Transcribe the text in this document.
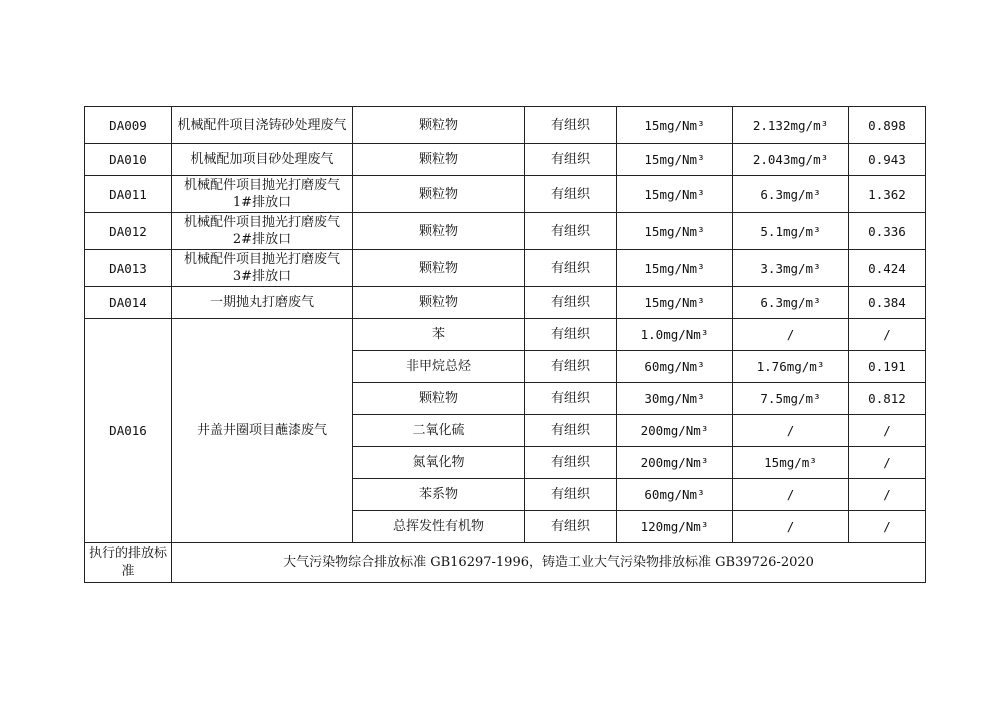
DA009	机械配件项目浇铸砂处理废气	颗粒物	有组织	15mg/Nm³	2.132mg/m³	0.898
DA010	机械配加项目砂处理废气	颗粒物	有组织	15mg/Nm³	2.043mg/m³	0.943
DA011	机械配件项目抛光打磨废气 1#排放口	颗粒物	有组织	15mg/Nm³	6.3mg/m³	1.362
DA012	机械配件项目抛光打磨废气 2#排放口	颗粒物	有组织	15mg/Nm³	5.1mg/m³	0.336
DA013	机械配件项目抛光打磨废气 3#排放口	颗粒物	有组织	15mg/Nm³	3.3mg/m³	0.424
DA014	一期抛丸打磨废气	颗粒物	有组织	15mg/Nm³	6.3mg/m³	0.384
DA016	井盖井圈项目蘸漆废气	苯	有组织	1.0mg/Nm³	/	/
		非甲烷总烃	有组织	60mg/Nm³	1.76mg/m³	0.191
		颗粒物	有组织	30mg/Nm³	7.5mg/m³	0.812
		二氧化硫	有组织	200mg/Nm³	/	/
		氮氧化物	有组织	200mg/Nm³	15mg/m³	/
		苯系物	有组织	60mg/Nm³	/	/
		总挥发性有机物	有组织	120mg/Nm³	/	/
执行的排放标准	大气污染物综合排放标准 GB16297-1996，铸造工业大气污染物排放标准 GB39726-2020					
